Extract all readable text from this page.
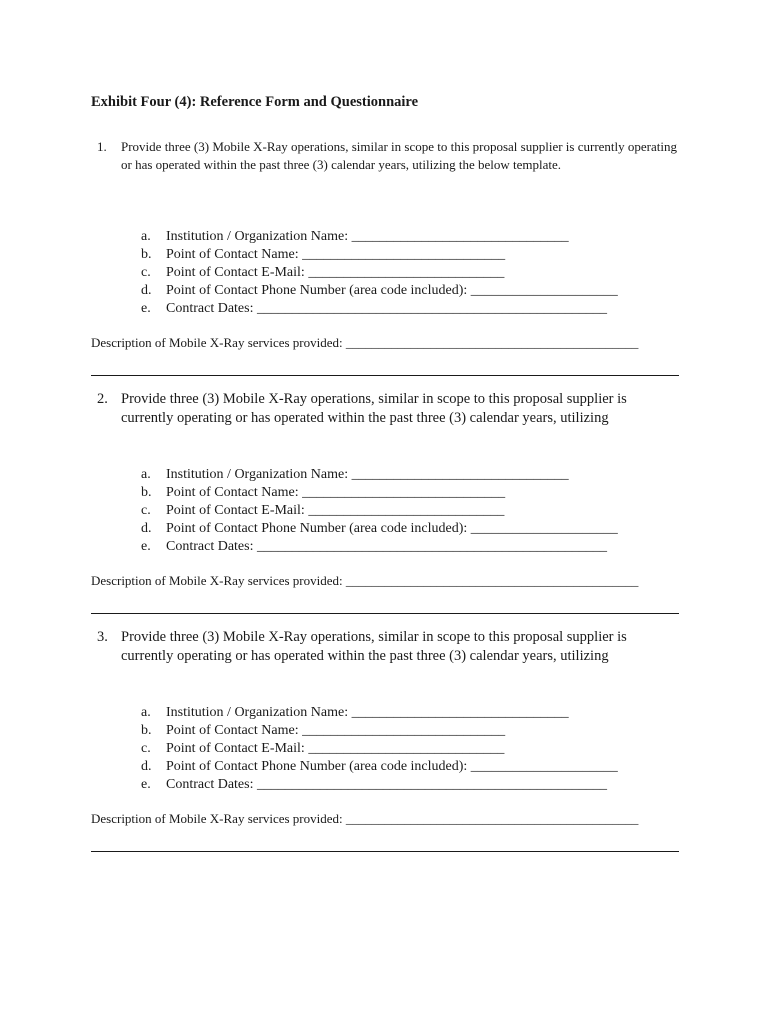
Exhibit Four (4): Reference Form and Questionnaire
1.	Provide three (3) Mobile X-Ray operations, similar in scope to this proposal supplier is currently operating or has operated within the past three (3) calendar years, utilizing the below template.
a.	Institution / Organization Name: _______________________________
b.	Point of Contact Name: _____________________________
c.	Point of Contact E-Mail: ____________________________
d.	Point of Contact Phone Number (area code included): _____________________
e.	Contract Dates: __________________________________________________
Description of Mobile X-Ray services provided: _____________________________________________
2. Provide three (3) Mobile X-Ray operations, similar in scope to this proposal supplier is currently operating or has operated within the past three (3) calendar years, utilizing
a.	Institution / Organization Name: _______________________________
b.	Point of Contact Name: _____________________________
c.	Point of Contact E-Mail: ____________________________
d.	Point of Contact Phone Number (area code included): _____________________
e.	Contract Dates: __________________________________________________
Description of Mobile X-Ray services provided: _____________________________________________
3. Provide three (3) Mobile X-Ray operations, similar in scope to this proposal supplier is currently operating or has operated within the past three (3) calendar years, utilizing
a.	Institution / Organization Name: _______________________________
b.	Point of Contact Name: _____________________________
c.	Point of Contact E-Mail: ____________________________
d.	Point of Contact Phone Number (area code included): _____________________
e.	Contract Dates: __________________________________________________
Description of Mobile X-Ray services provided: _____________________________________________
